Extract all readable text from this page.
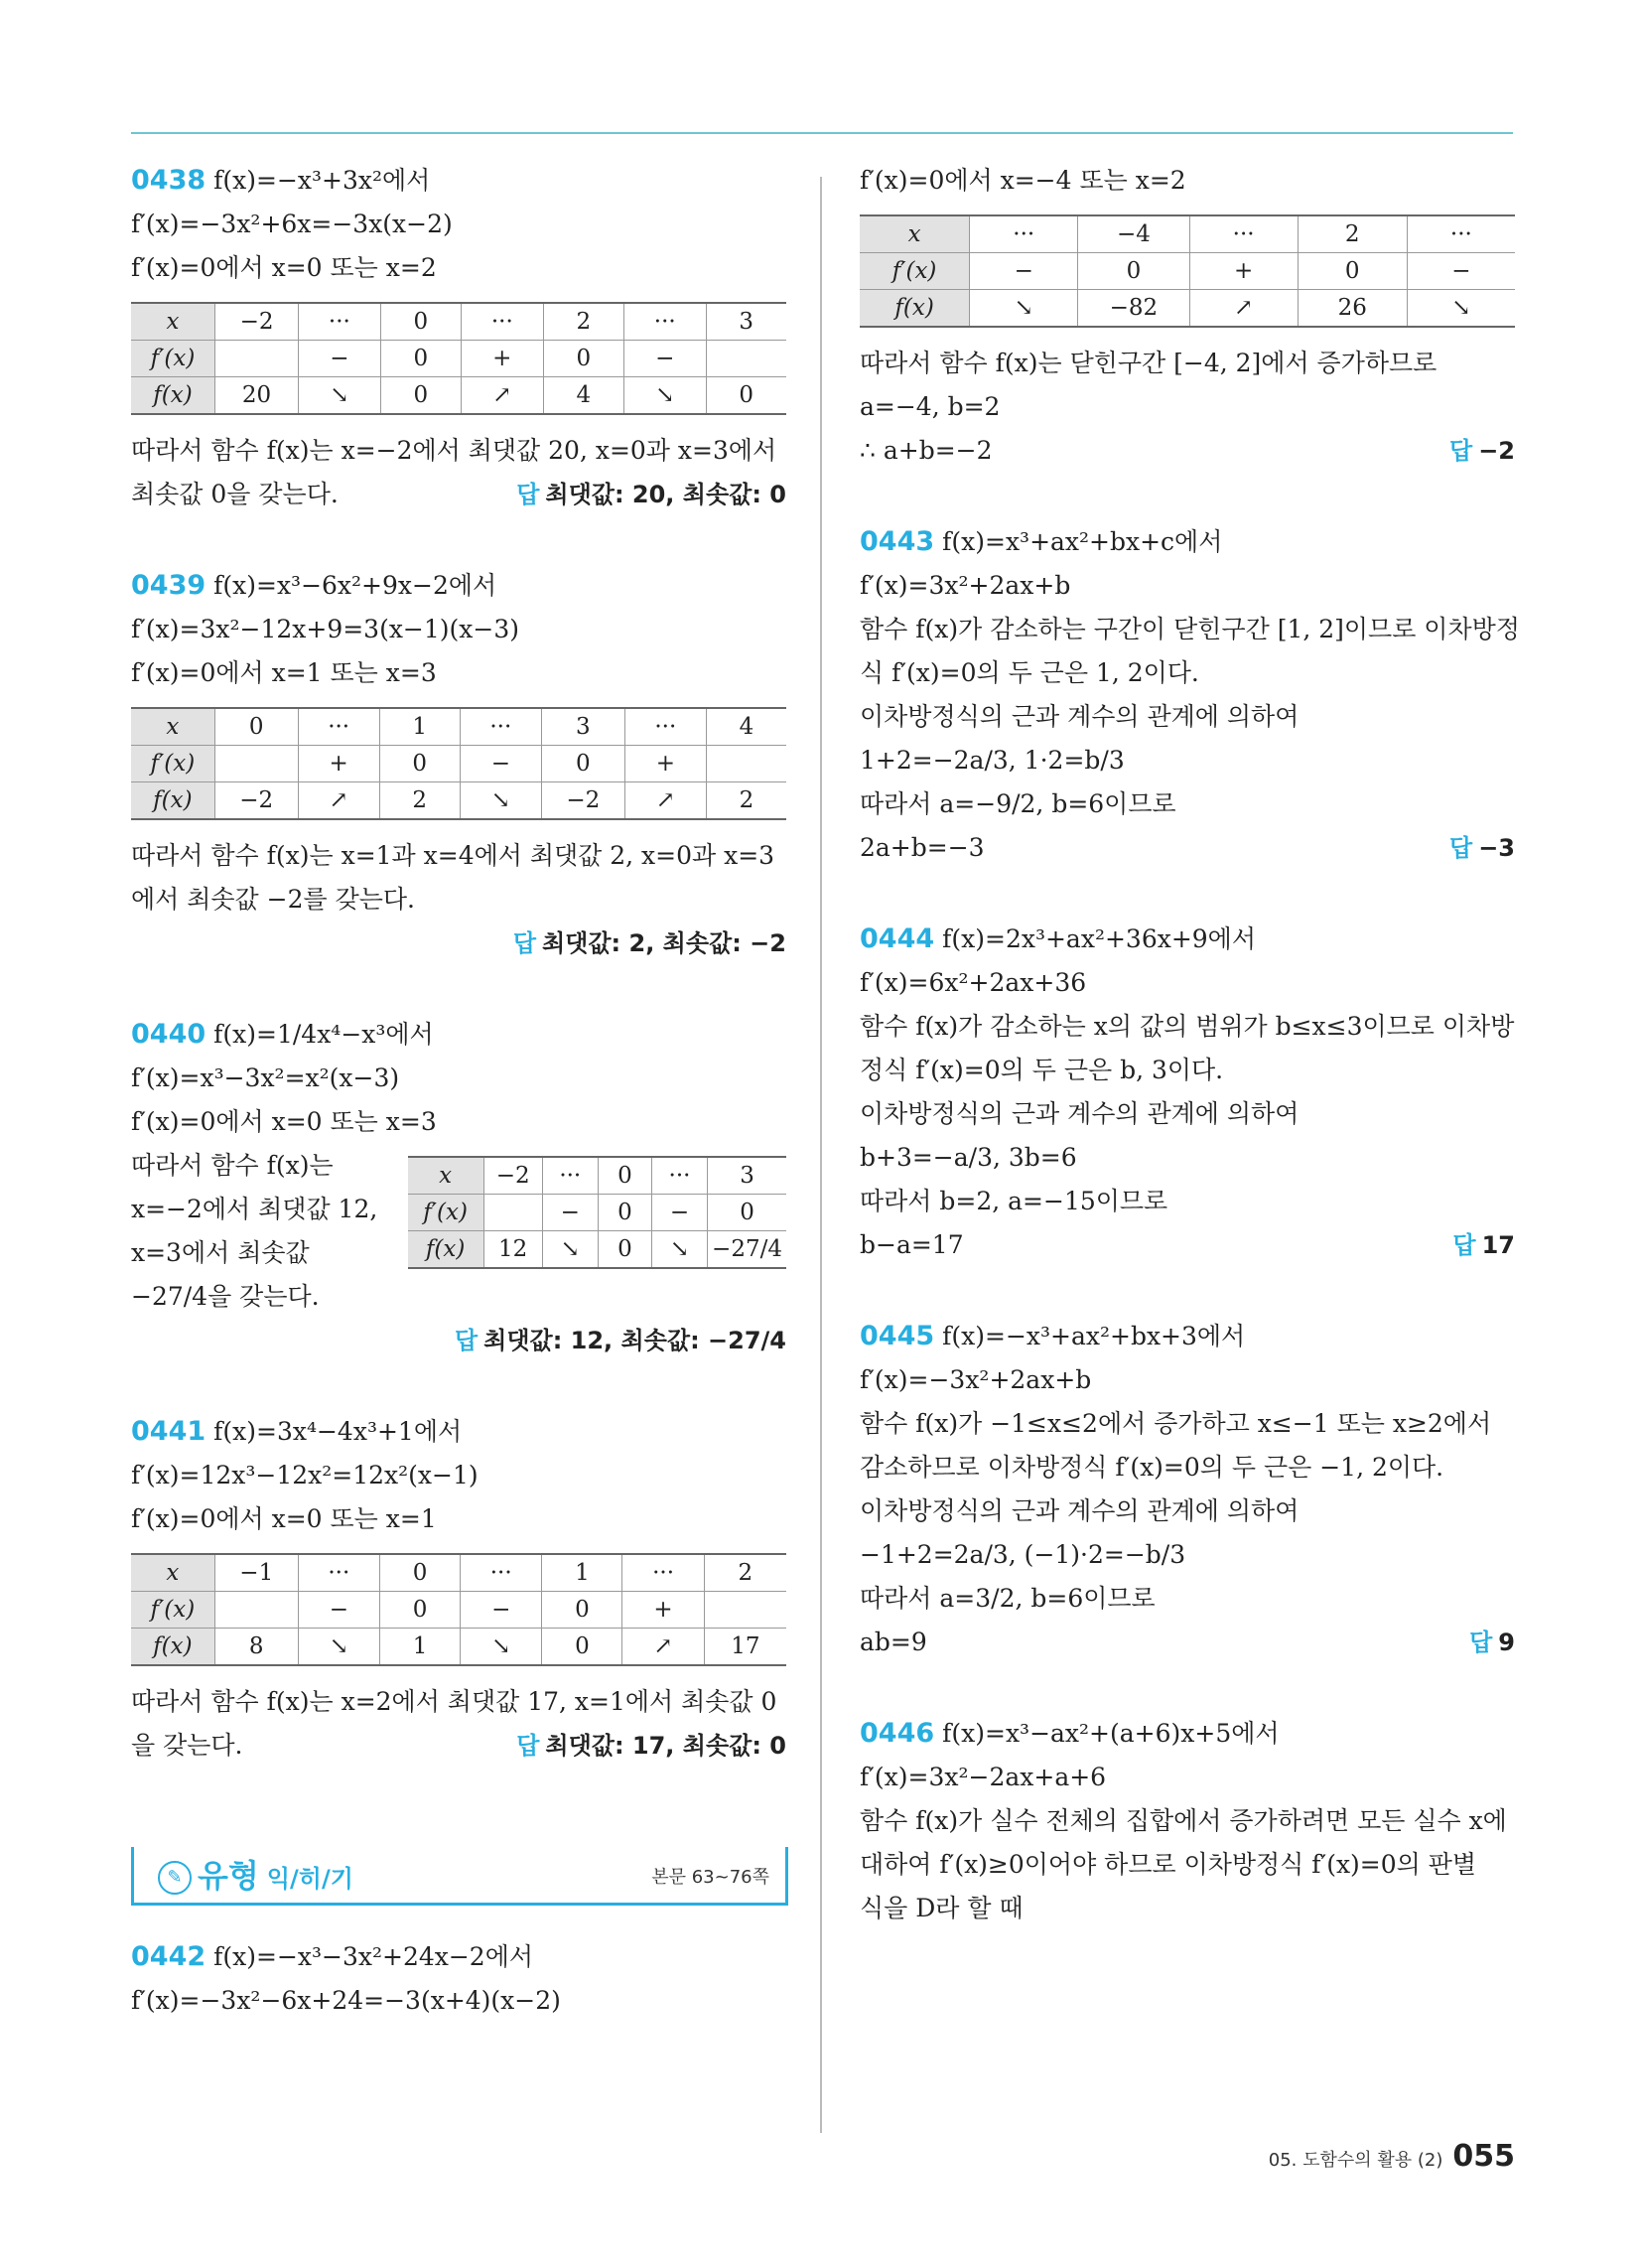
0438 f(x)=−x³+3x²에서
f′(x)=−3x²+6x=−3x(x−2)
f′(x)=0에서 x=0 또는 x=2
x	−2	···	0	···	2	···	3
f′(x)		−	0	+	0	−	
f(x)	20	↘	0	↗	4	↘	0
따라서 함수 f(x)는 x=−2에서 최댓값 20, x=0과 x=3에서
최솟값 0을 갖는다.	답 최댓값: 20, 최솟값: 0
0439 f(x)=x³−6x²+9x−2에서
f′(x)=3x²−12x+9=3(x−1)(x−3)
f′(x)=0에서 x=1 또는 x=3
x	0	···	1	···	3	···	4
f′(x)		+	0	−	0	+	
f(x)	−2	↗	2	↘	−2	↗	2
따라서 함수 f(x)는 x=1과 x=4에서 최댓값 2, x=0과 x=3
에서 최솟값 −2를 갖는다.
답 최댓값: 2, 최솟값: −2
0440 f(x)=1/4x⁴−x³에서
f′(x)=x³−3x²=x²(x−3)
f′(x)=0에서 x=0 또는 x=3
따라서 함수 f(x)는
x=−2에서 최댓값 12,
x=3에서 최솟값
−27/4을 갖는다.
x	−2	···	0	···	3
f′(x)		−	0	−	0
f(x)	12	↘	0	↘	−27/4
답 최댓값: 12, 최솟값: −27/4
0441 f(x)=3x⁴−4x³+1에서
f′(x)=12x³−12x²=12x²(x−1)
f′(x)=0에서 x=0 또는 x=1
x	−1	···	0	···	1	···	2
f′(x)		−	0	−	0	+	
f(x)	8	↘	1	↘	0	↗	17
따라서 함수 f(x)는 x=2에서 최댓값 17, x=1에서 최솟값 0
을 갖는다.	답 최댓값: 17, 최솟값: 0
✎ 유형 익/히/기	본문 63~76쪽
0442 f(x)=−x³−3x²+24x−2에서
f′(x)=−3x²−6x+24=−3(x+4)(x−2)
f′(x)=0에서 x=−4 또는 x=2
x	···	−4	···	2	···
f′(x)	−	0	+	0	−
f(x)	↘	−82	↗	26	↘
따라서 함수 f(x)는 닫힌구간 [−4, 2]에서 증가하므로
a=−4, b=2
∴ a+b=−2	답 −2
0443 f(x)=x³+ax²+bx+c에서
f′(x)=3x²+2ax+b
함수 f(x)가 감소하는 구간이 닫힌구간 [1, 2]이므로 이차방정
식 f′(x)=0의 두 근은 1, 2이다.
이차방정식의 근과 계수의 관계에 의하여
1+2=−2a/3, 1·2=b/3
따라서 a=−9/2, b=6이므로
2a+b=−3	답 −3
0444 f(x)=2x³+ax²+36x+9에서
f′(x)=6x²+2ax+36
함수 f(x)가 감소하는 x의 값의 범위가 b≤x≤3이므로 이차방
정식 f′(x)=0의 두 근은 b, 3이다.
이차방정식의 근과 계수의 관계에 의하여
b+3=−a/3, 3b=6
따라서 b=2, a=−15이므로
b−a=17	답 17
0445 f(x)=−x³+ax²+bx+3에서
f′(x)=−3x²+2ax+b
함수 f(x)가 −1≤x≤2에서 증가하고 x≤−1 또는 x≥2에서
감소하므로 이차방정식 f′(x)=0의 두 근은 −1, 2이다.
이차방정식의 근과 계수의 관계에 의하여
−1+2=2a/3, (−1)·2=−b/3
따라서 a=3/2, b=6이므로
ab=9	답 9
0446 f(x)=x³−ax²+(a+6)x+5에서
f′(x)=3x²−2ax+a+6
함수 f(x)가 실수 전체의 집합에서 증가하려면 모든 실수 x에
대하여 f′(x)≥0이어야 하므로 이차방정식 f′(x)=0의 판별
식을 D라 할 때
05. 도함수의 활용 (2) 055
